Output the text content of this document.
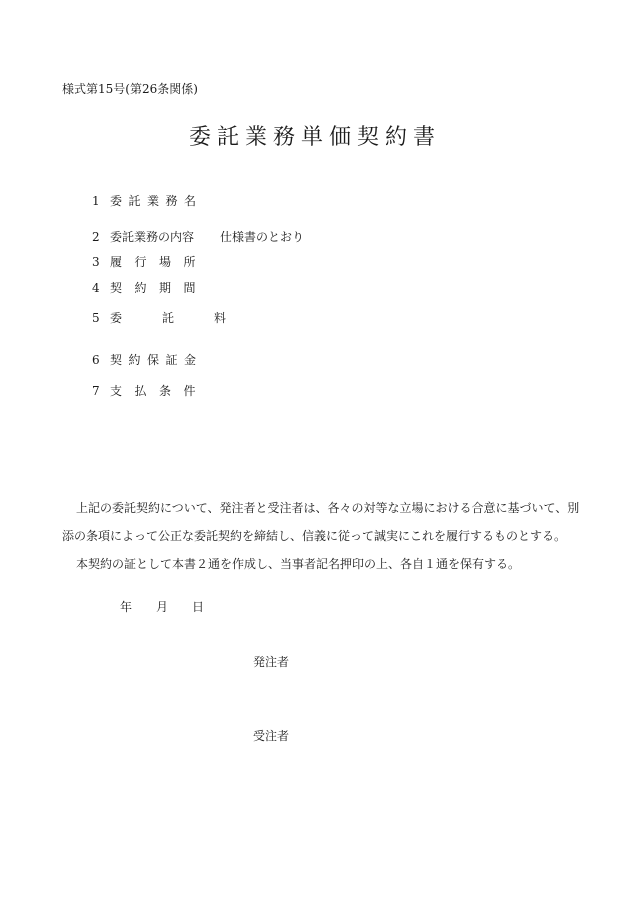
様式第15号(第26条関係)
委託業務単価契約書
1 委託業務名
2 委託業務の内容	仕様書のとおり
3 履行場所
4 契約期間
5 委託料
6 契約保証金
7 支払条件
上記の委託契約について、発注者と受注者は、各々の対等な立場における合意に基づいて、別
添の条項によって公正な委託契約を締結し、信義に従って誠実にこれを履行するものとする。
本契約の証として本書２通を作成し、当事者記名押印の上、各自１通を保有する。
年	月	日
発注者
受注者
